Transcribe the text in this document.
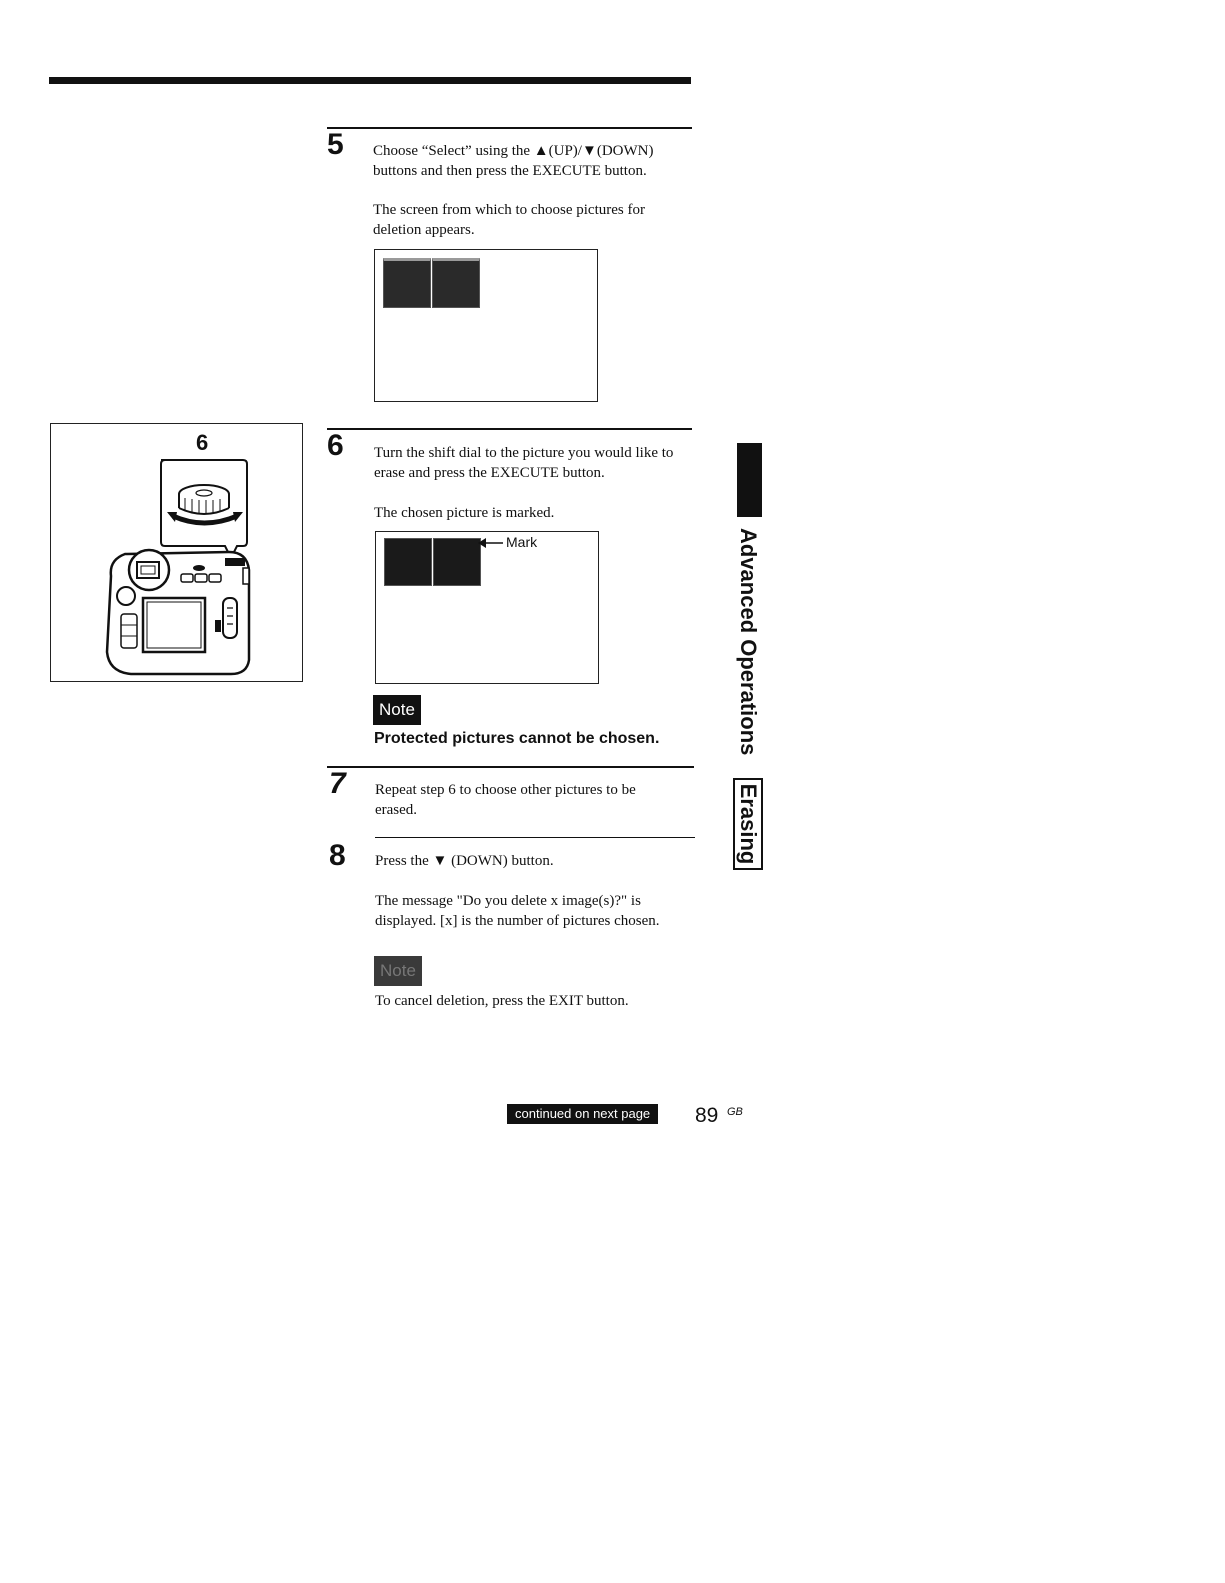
5 Choose “Select” using the ▲(UP)/▼(DOWN) buttons and then press the EXECUTE button.
The screen from which to choose pictures for deletion appears.
6	6 Turn the shift dial to the picture you would like to erase and press the EXECUTE button.
The chosen picture is marked.
Mark
Note
Protected pictures cannot be chosen.
7 Repeat step 6 to choose other pictures to be erased.
8 Press the ▼ (DOWN) button.
The message "Do you delete x image(s)?" is displayed. [x] is the number of pictures chosen.
Note
To cancel deletion, press the EXIT button.
Advanced Operations  Erasing
continued on next page	89 GB
